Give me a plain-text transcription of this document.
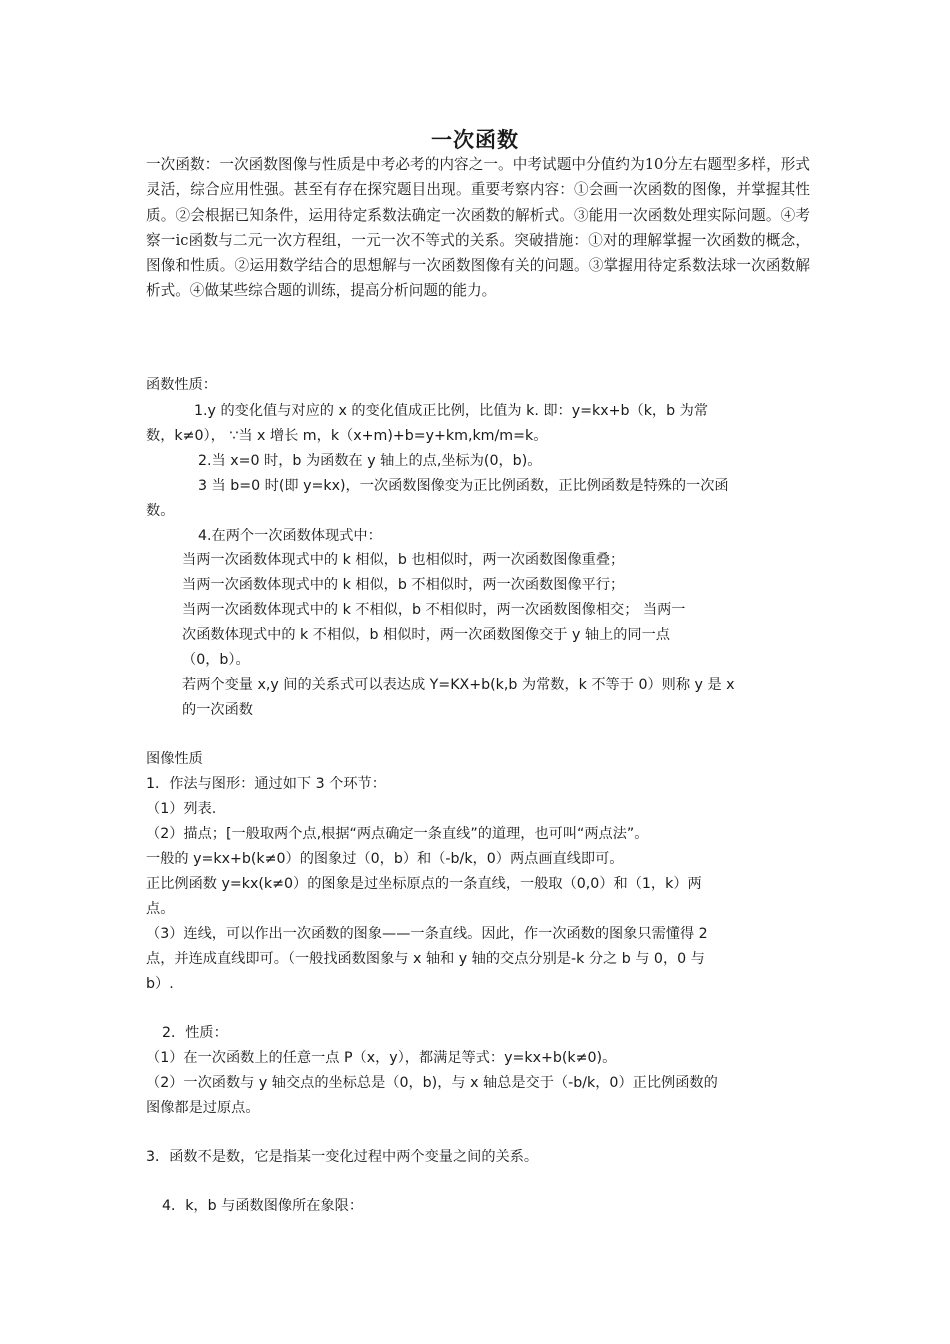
一次函数
一次函数：一次函数图像与性质是中考必考的内容之一。中考试题中分值约为10分左右题型多样，形式灵活，综合应用性强。甚至有存在探究题目出现。重要考察内容：①会画一次函数的图像，并掌握其性质。②会根据已知条件，运用待定系数法确定一次函数的解析式。③能用一次函数处理实际问题。④考察一ic函数与二元一次方程组，一元一次不等式的关系。突破措施：①对的理解掌握一次函数的概念，图像和性质。②运用数学结合的思想解与一次函数图像有关的问题。③掌握用待定系数法球一次函数解析式。④做某些综合题的训练，提高分析问题的能力。
函数性质：
1.y 的变化值与对应的 x 的变化值成正比例，比值为 k. 即：y=kx+b（k，b 为常
数，k≠0）， ∵当 x 增长 m，k（x+m)+b=y+km,km/m=k。
2.当 x=0 时，b 为函数在 y 轴上的点,坐标为(0，b)。
3 当 b=0 时(即 y=kx)，一次函数图像变为正比例函数，正比例函数是特殊的一次函
数。
4.在两个一次函数体现式中：
当两一次函数体现式中的 k 相似，b 也相似时，两一次函数图像重叠；
当两一次函数体现式中的 k 相似，b 不相似时，两一次函数图像平行；
当两一次函数体现式中的 k 不相似，b 不相似时，两一次函数图像相交； 当两一
次函数体现式中的 k 不相似，b 相似时，两一次函数图像交于 y 轴上的同一点
（0，b）。
若两个变量 x,y 间的关系式可以表达成 Y=KX+b(k,b 为常数，k 不等于 0）则称 y 是 x
的一次函数
图像性质
1．作法与图形：通过如下 3 个环节：
（1）列表.
（2）描点；[一般取两个点,根据“两点确定一条直线”的道理，也可叫“两点法”。
一般的 y=kx+b(k≠0）的图象过（0，b）和（-b/k，0）两点画直线即可。
正比例函数 y=kx(k≠0）的图象是过坐标原点的一条直线，一般取（0,0）和（1，k）两
点。
（3）连线，可以作出一次函数的图象——一条直线。因此，作一次函数的图象只需懂得 2
点，并连成直线即可。（一般找函数图象与 x 轴和 y 轴的交点分别是-k 分之 b 与 0，0 与
b）.
2．性质：
（1）在一次函数上的任意一点 P（x，y），都满足等式：y=kx+b(k≠0)。
（2）一次函数与 y 轴交点的坐标总是（0，b)，与 x 轴总是交于（-b/k，0）正比例函数的
图像都是过原点。
3．函数不是数，它是指某一变化过程中两个变量之间的关系。
4．k，b 与函数图像所在象限：
